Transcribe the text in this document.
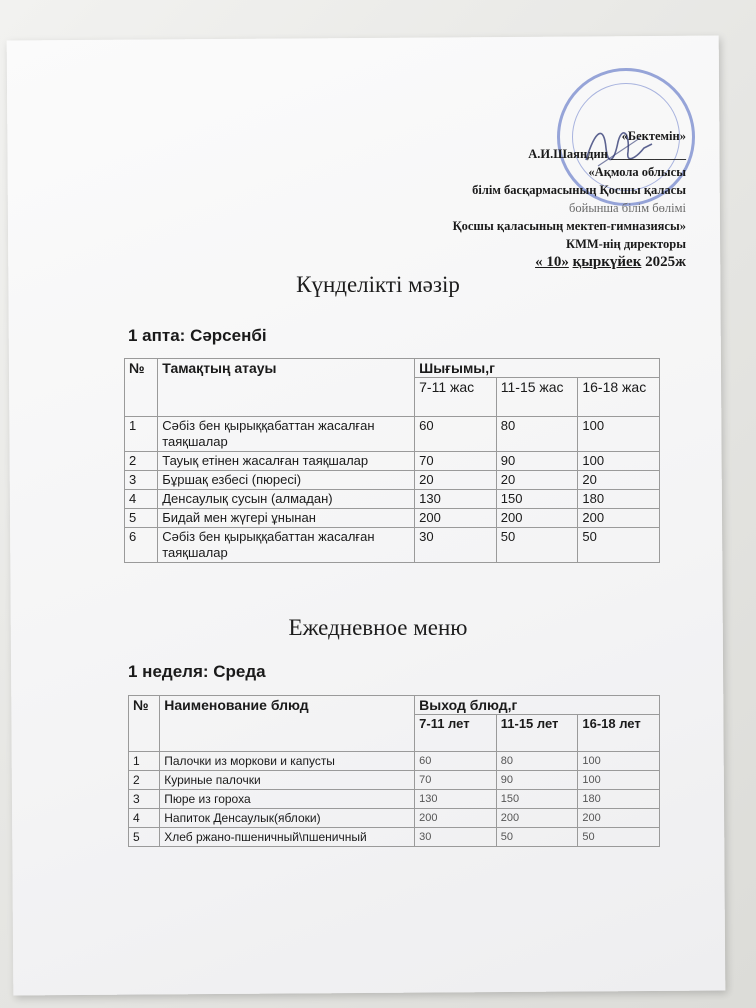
«Бектемін»
А.И.Шаяндин ____________
«Ақмола облысы
білім басқармасының Қосшы қаласы
бойынша білім бөлімі
Қосшы қаласының мектеп-гимназиясы»
КММ-нің директоры
« 10» қыркүйек 2025ж
Күнделікті мәзір
1 апта: Сәрсенбі
№	Тамақтың атауы	Шығымы,г		
		7-11 жас	11-15 жас	16-18 жас
1	Сәбіз бен қырыққабаттан жасалған таяқшалар	60	80	100
2	Тауық етінен жасалған таяқшалар	70	90	100
3	Бұршақ езбесі (пюресі)	20	20	20
4	Денсаулық сусын (алмадан)	130	150	180
5	Бидай мен жүгері ұнынан	200	200	200
6	Сәбіз бен қырыққабаттан жасалған таяқшалар	30	50	50
Ежедневное меню
1 неделя: Среда
№	Наименование блюд	Выход блюд,г		
		7-11 лет	11-15 лет	16-18 лет
1	Палочки из моркови и капусты	60	80	100
2	Куриные палочки	70	90	100
3	Пюре из гороха	130	150	180
4	Напиток Денсаулык(яблоки)	200	200	200
5	Хлеб ржано-пшеничный\пшеничный	30	50	50
